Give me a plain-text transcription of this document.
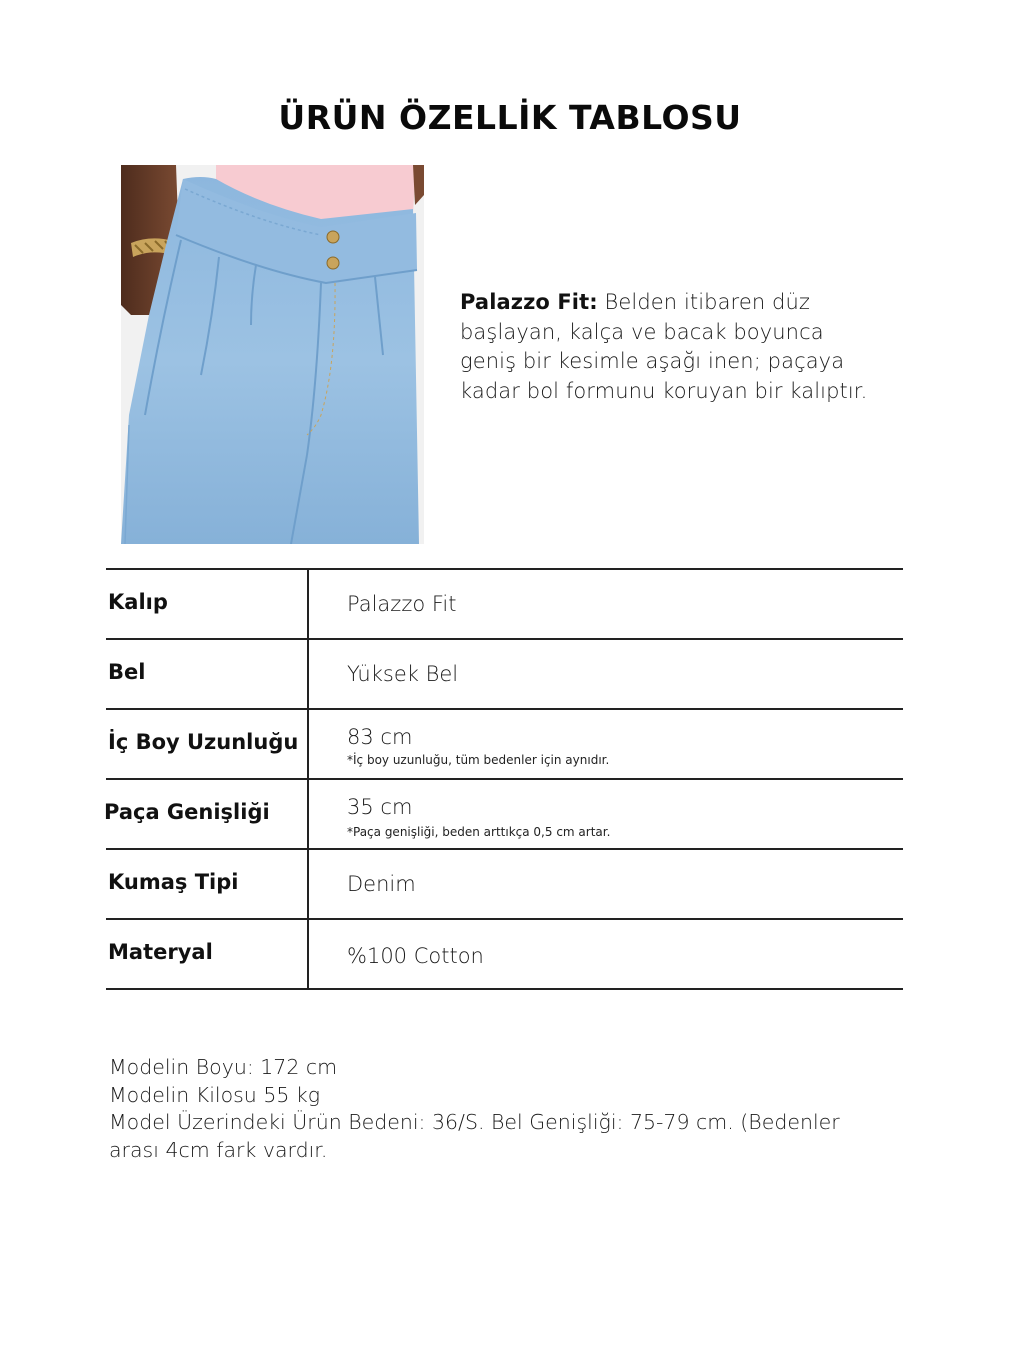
ÜRÜN ÖZELLİK TABLOSU
Palazzo Fit: Belden itibaren düz
başlayan, kalça ve bacak boyunca
geniş bir kesimle aşağı inen; paçaya
kadar bol formunu koruyan bir kalıptır.
Kalıp	Palazzo Fit
Bel	Yüksek Bel
İç Boy Uzunluğu 83 cm
*İç boy uzunluğu, tüm bedenler için aynıdır.
Paça Genişliği	35 cm
*Paça genişliği, beden arttıkça 0,5 cm artar.
Kumaş Tipi	Denim
Materyal	%100 Cotton
Modelin Boyu: 172 cm
Modelin Kilosu 55 kg
Model Üzerindeki Ürün Bedeni: 36/S. Bel Genişliği: 75-79 cm. (Bedenler
arası 4cm fark vardır.
